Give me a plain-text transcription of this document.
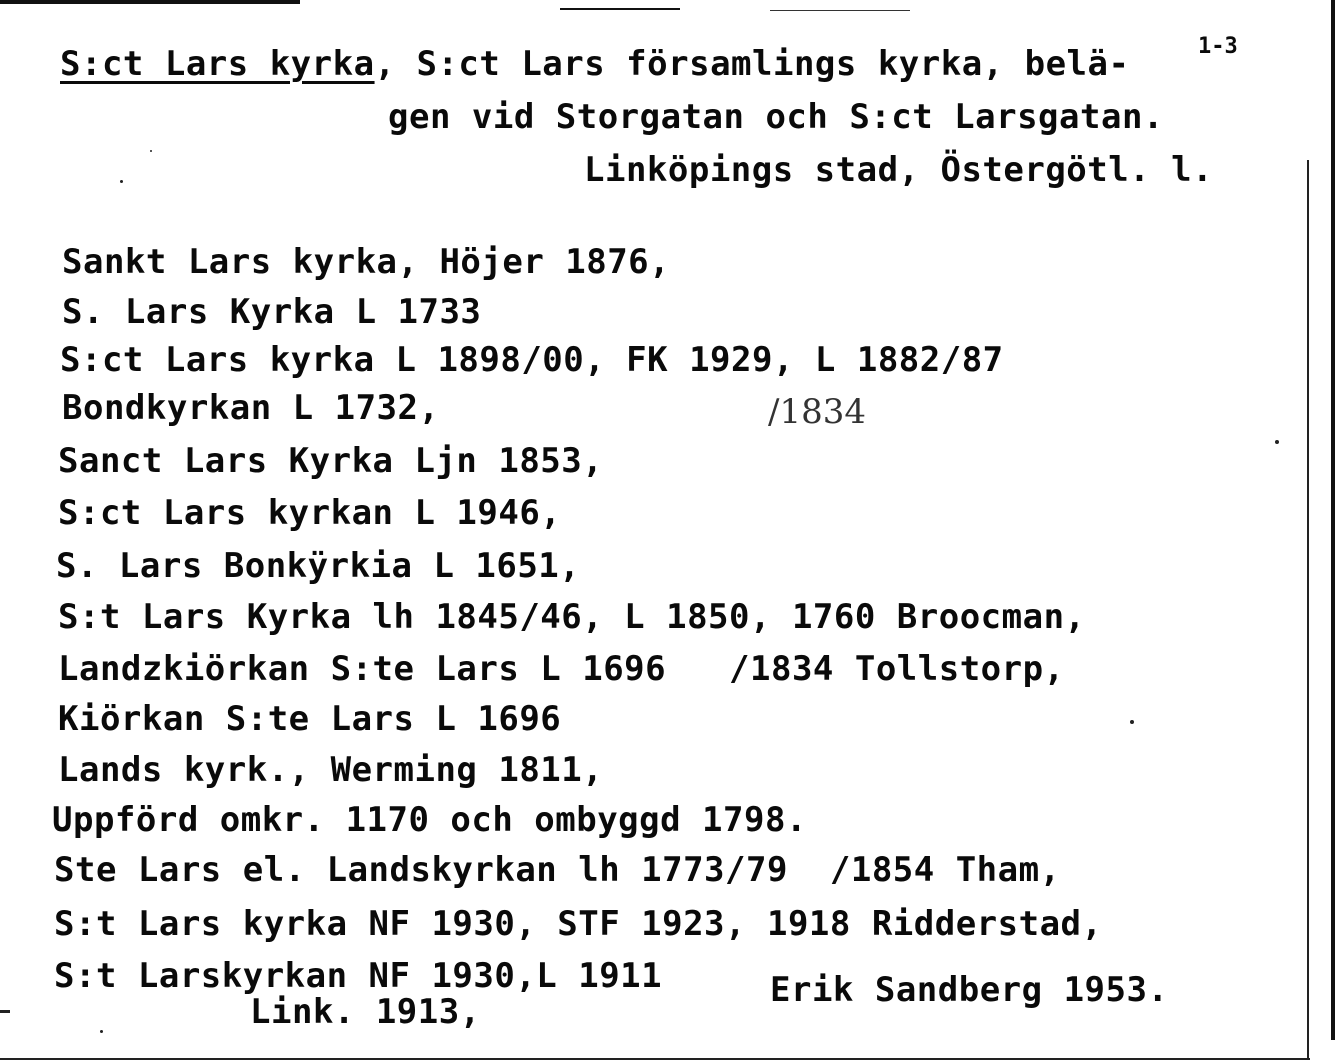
S:ct Lars kyrka, S:ct Lars församlings kyrka, belä-	1-3
gen vid Storgatan och S:ct Larsgatan.
Linköpings stad, Östergötl. l.
Sankt Lars kyrka, Höjer 1876,
S. Lars Kyrka L 1733
S:ct Lars kyrka L 1898/00, FK 1929, L 1882/87
Bondkyrkan L 1732,	/1834
Sanct Lars Kyrka Ljn 1853,
S:ct Lars kyrkan L 1946,
S. Lars Bonkÿrkia L 1651,
S:t Lars Kyrka lh 1845/46, L 1850, 1760 Broocman,
Landzkiörkan S:te Lars L 1696   /1834 Tollstorp,
Kiörkan S:te Lars L 1696
Lands kyrk., Werming 1811,
Uppförd omkr. 1170 och ombyggd 1798.
Ste Lars el. Landskyrkan lh 1773/79  /1854 Tham,
S:t Lars kyrka NF 1930, STF 1923, 1918 Ridderstad,
S:t Larskyrkan NF 1930,L 1911	Erik Sandberg 1953.
Link. 1913,
